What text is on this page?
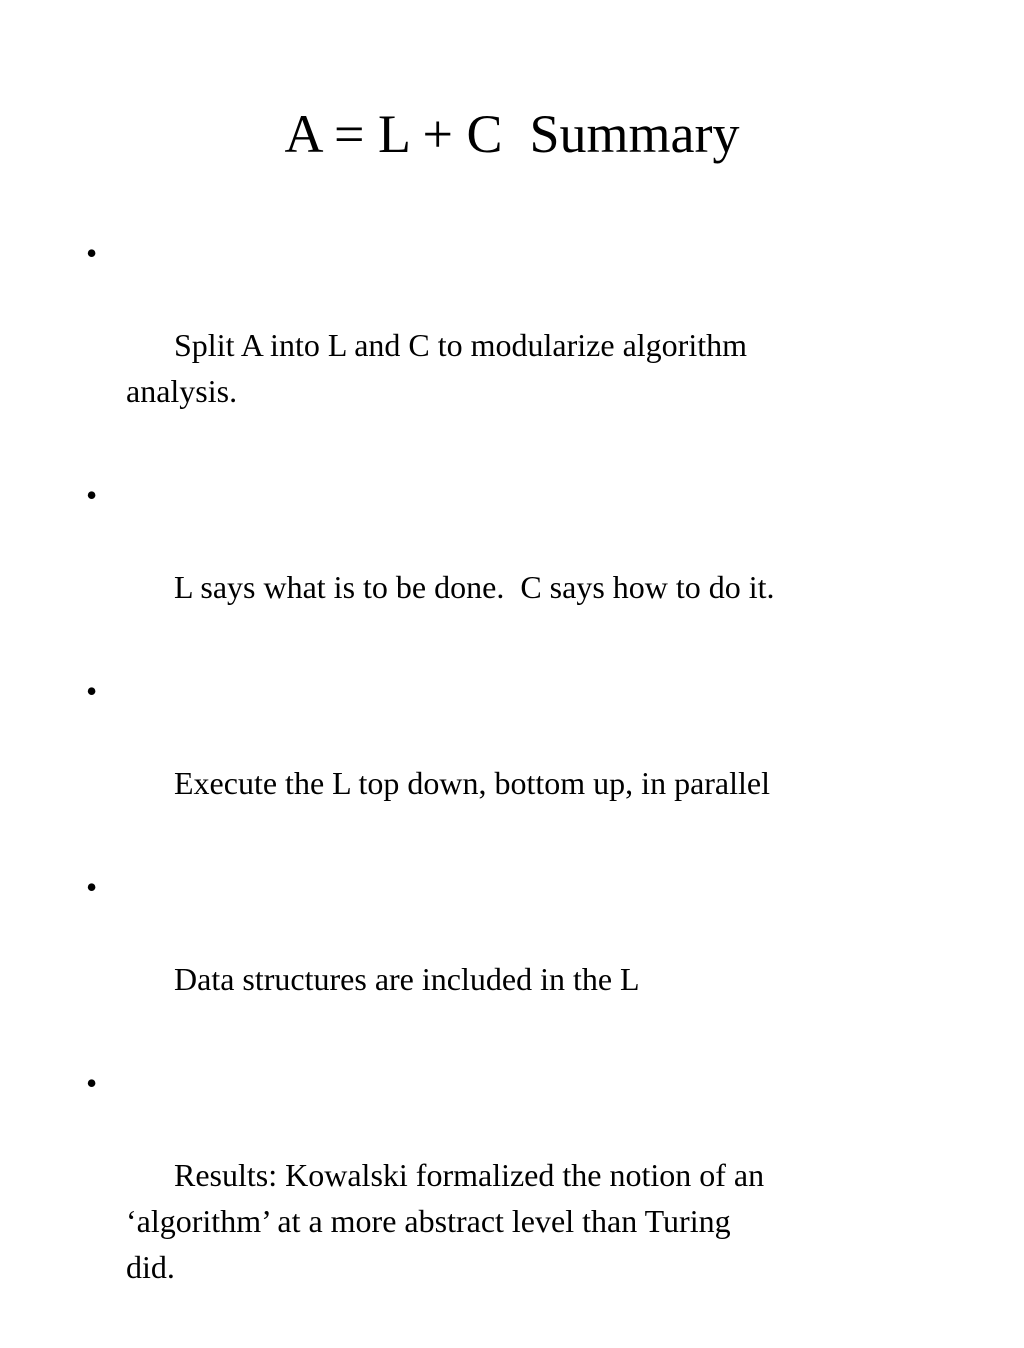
A = L + C  Summary

•

Split A into L and C to modularize algorithm
analysis.

•

L says what is to be done.  C says how to do it.

•

Execute the L top down, bottom up, in parallel

•

Data structures are included in the L

•

Results: Kowalski formalized the notion of an
‘algorithm’ at a more abstract level than Turing
did.
